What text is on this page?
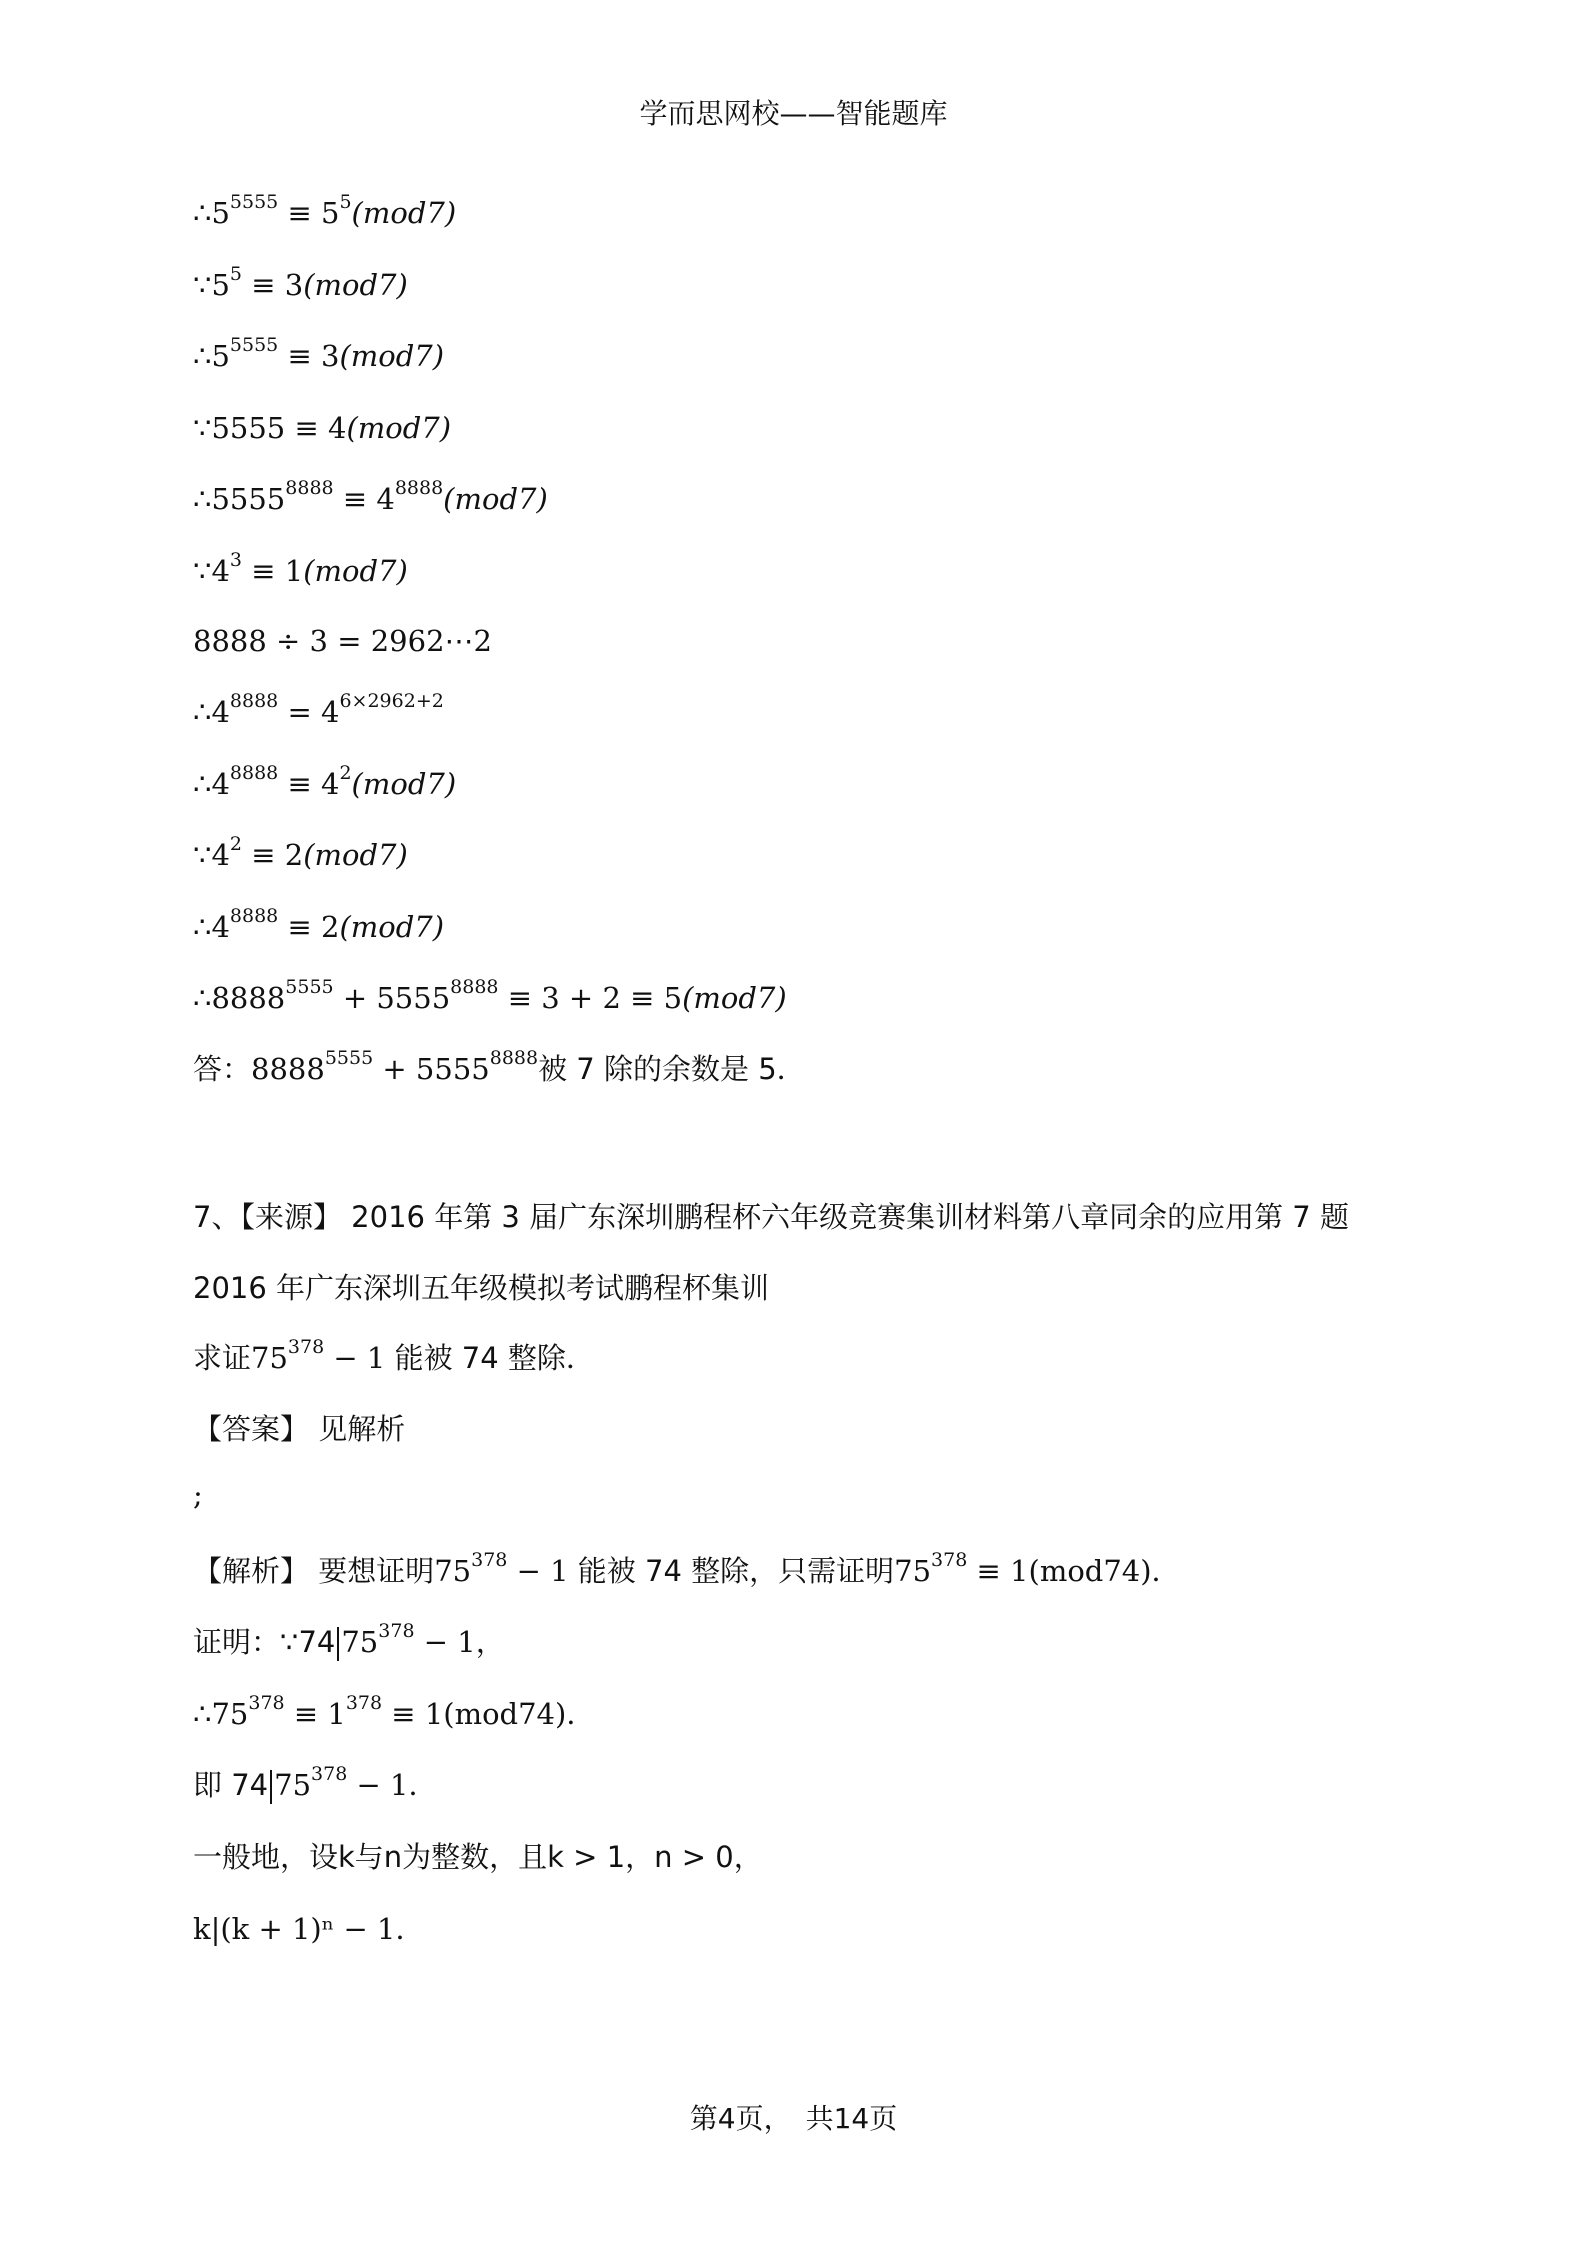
学而思网校——智能题库
$\therefore 5^{5555} \equiv 5^5(mod7)$
$\because 5^5 \equiv 3(mod7)$
$\therefore 5^{5555} \equiv 3(mod7)$
∵5555 ≡ 4(mod7)
$\therefore 5555^{8888} \equiv 4^{8888}(mod7)$
$\because 4^3 \equiv 1(mod7)$
8888 ÷ 3 = 2962⋯2
$\therefore 4^{8888} = 4^{6\times 2962+2}$
$\therefore 4^{8888} \equiv 4^2(mod7)$
$\because 4^2 \equiv 2(mod7)$
$\therefore 4^{8888} \equiv 2(mod7)$
$\therefore 8888^{5555} + 5555^{8888} \equiv 3 + 2 \equiv 5(mod7)$
答：$8888^{5555} + 5555^{8888}$被 7 除的余数是 5．
7、【来源】 2016 年第 3 届广东深圳鹏程杯六年级竞赛集训材料第八章同余的应用第 7 题
2016 年广东深圳五年级模拟考试鹏程杯集训
求证$75^{378} - 1$ 能被 74 整除．
【答案】 见解析
;
【解析】 要想证明$75^{378} - 1$ 能被 74 整除，只需证明$75^{378} \equiv 1(mod74)$．
证明：∵74 $75^{378} - 1$，
$\therefore 75^{378} \equiv 1^{378} \equiv 1(mod74)$．
即 74 $75^{378} - 1$．
一般地，设k与n为整数，且k > 1，n > 0，
k|(k + 1)ⁿ − 1．
第4页，　共14页
